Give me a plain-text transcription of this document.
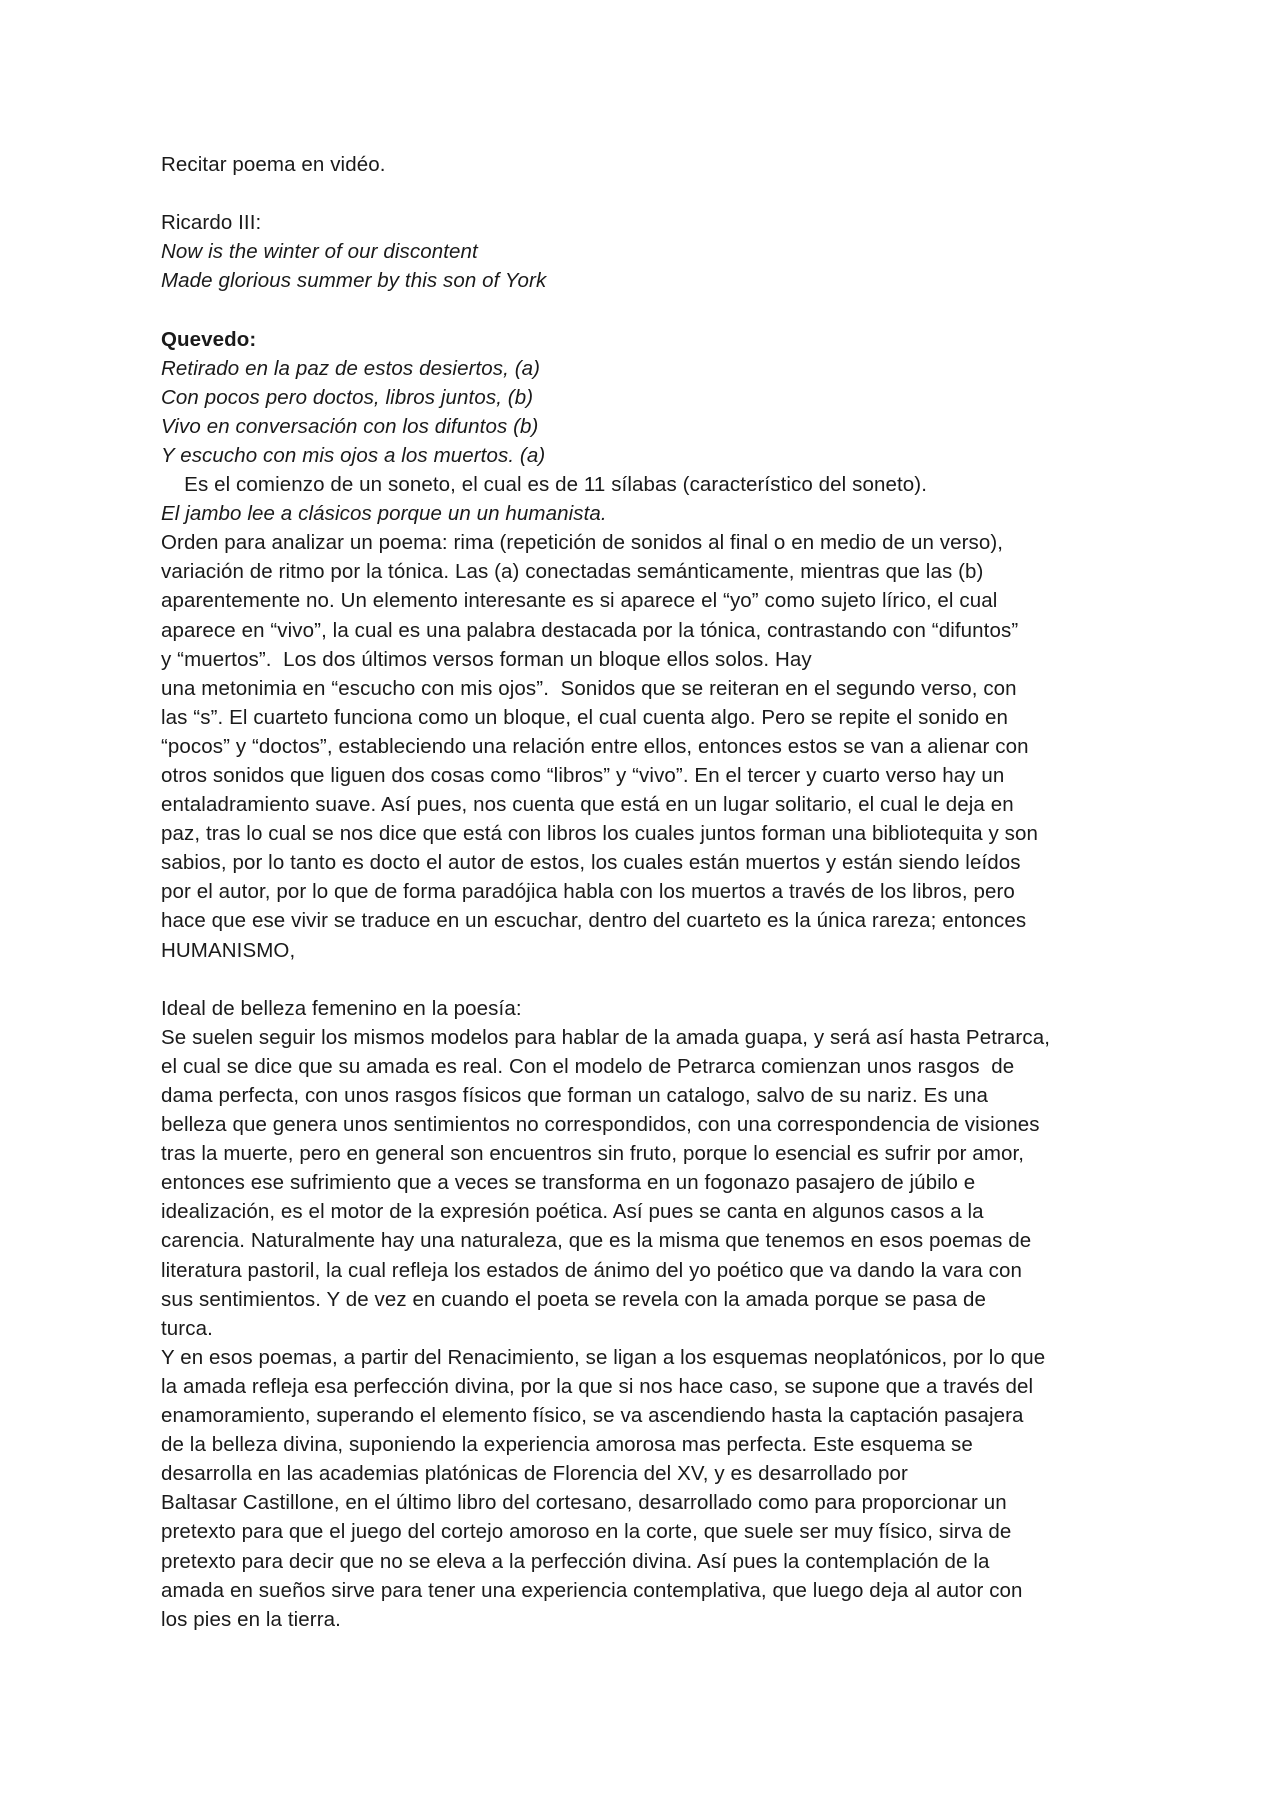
Recitar poema en vidéo.

Ricardo III:
Now is the winter of our discontent
Made glorious summer by this son of York

Quevedo:
Retirado en la paz de estos desiertos, (a)
Con pocos pero doctos, libros juntos, (b)
Vivo en conversación con los difuntos (b)
Y escucho con mis ojos a los muertos. (a)
Es el comienzo de un soneto, el cual es de 11 sílabas (característico del soneto).
El jambo lee a clásicos porque un un humanista.
Orden para analizar un poema: rima (repetición de sonidos al final o en medio de un verso),
variación de ritmo por la tónica. Las (a) conectadas semánticamente, mientras que las (b)
aparentemente no. Un elemento interesante es si aparece el “yo” como sujeto lírico, el cual
aparece en “vivo”, la cual es una palabra destacada por la tónica, contrastando con “difuntos”
y “muertos”.  Los dos últimos versos forman un bloque ellos solos. Hay
una metonimia en “escucho con mis ojos”.  Sonidos que se reiteran en el segundo verso, con
las “s”. El cuarteto funciona como un bloque, el cual cuenta algo. Pero se repite el sonido en
“pocos” y “doctos”, estableciendo una relación entre ellos, entonces estos se van a alienar con
otros sonidos que liguen dos cosas como “libros” y “vivo”. En el tercer y cuarto verso hay un
entaladramiento suave. Así pues, nos cuenta que está en un lugar solitario, el cual le deja en
paz, tras lo cual se nos dice que está con libros los cuales juntos forman una bibliotequita y son
sabios, por lo tanto es docto el autor de estos, los cuales están muertos y están siendo leídos
por el autor, por lo que de forma paradójica habla con los muertos a través de los libros, pero
hace que ese vivir se traduce en un escuchar, dentro del cuarteto es la única rareza; entonces
HUMANISMO,

Ideal de belleza femenino en la poesía:
Se suelen seguir los mismos modelos para hablar de la amada guapa, y será así hasta Petrarca,
el cual se dice que su amada es real. Con el modelo de Petrarca comienzan unos rasgos  de
dama perfecta, con unos rasgos físicos que forman un catalogo, salvo de su nariz. Es una
belleza que genera unos sentimientos no correspondidos, con una correspondencia de visiones
tras la muerte, pero en general son encuentros sin fruto, porque lo esencial es sufrir por amor,
entonces ese sufrimiento que a veces se transforma en un fogonazo pasajero de júbilo e
idealización, es el motor de la expresión poética. Así pues se canta en algunos casos a la
carencia. Naturalmente hay una naturaleza, que es la misma que tenemos en esos poemas de
literatura pastoril, la cual refleja los estados de ánimo del yo poético que va dando la vara con
sus sentimientos. Y de vez en cuando el poeta se revela con la amada porque se pasa de
turca.
Y en esos poemas, a partir del Renacimiento, se ligan a los esquemas neoplatónicos, por lo que
la amada refleja esa perfección divina, por la que si nos hace caso, se supone que a través del
enamoramiento, superando el elemento físico, se va ascendiendo hasta la captación pasajera
de la belleza divina, suponiendo la experiencia amorosa mas perfecta. Este esquema se
desarrolla en las academias platónicas de Florencia del XV, y es desarrollado por
Baltasar Castillone, en el último libro del cortesano, desarrollado como para proporcionar un
pretexto para que el juego del cortejo amoroso en la corte, que suele ser muy físico, sirva de
pretexto para decir que no se eleva a la perfección divina. Así pues la contemplación de la
amada en sueños sirve para tener una experiencia contemplativa, que luego deja al autor con
los pies en la tierra.
